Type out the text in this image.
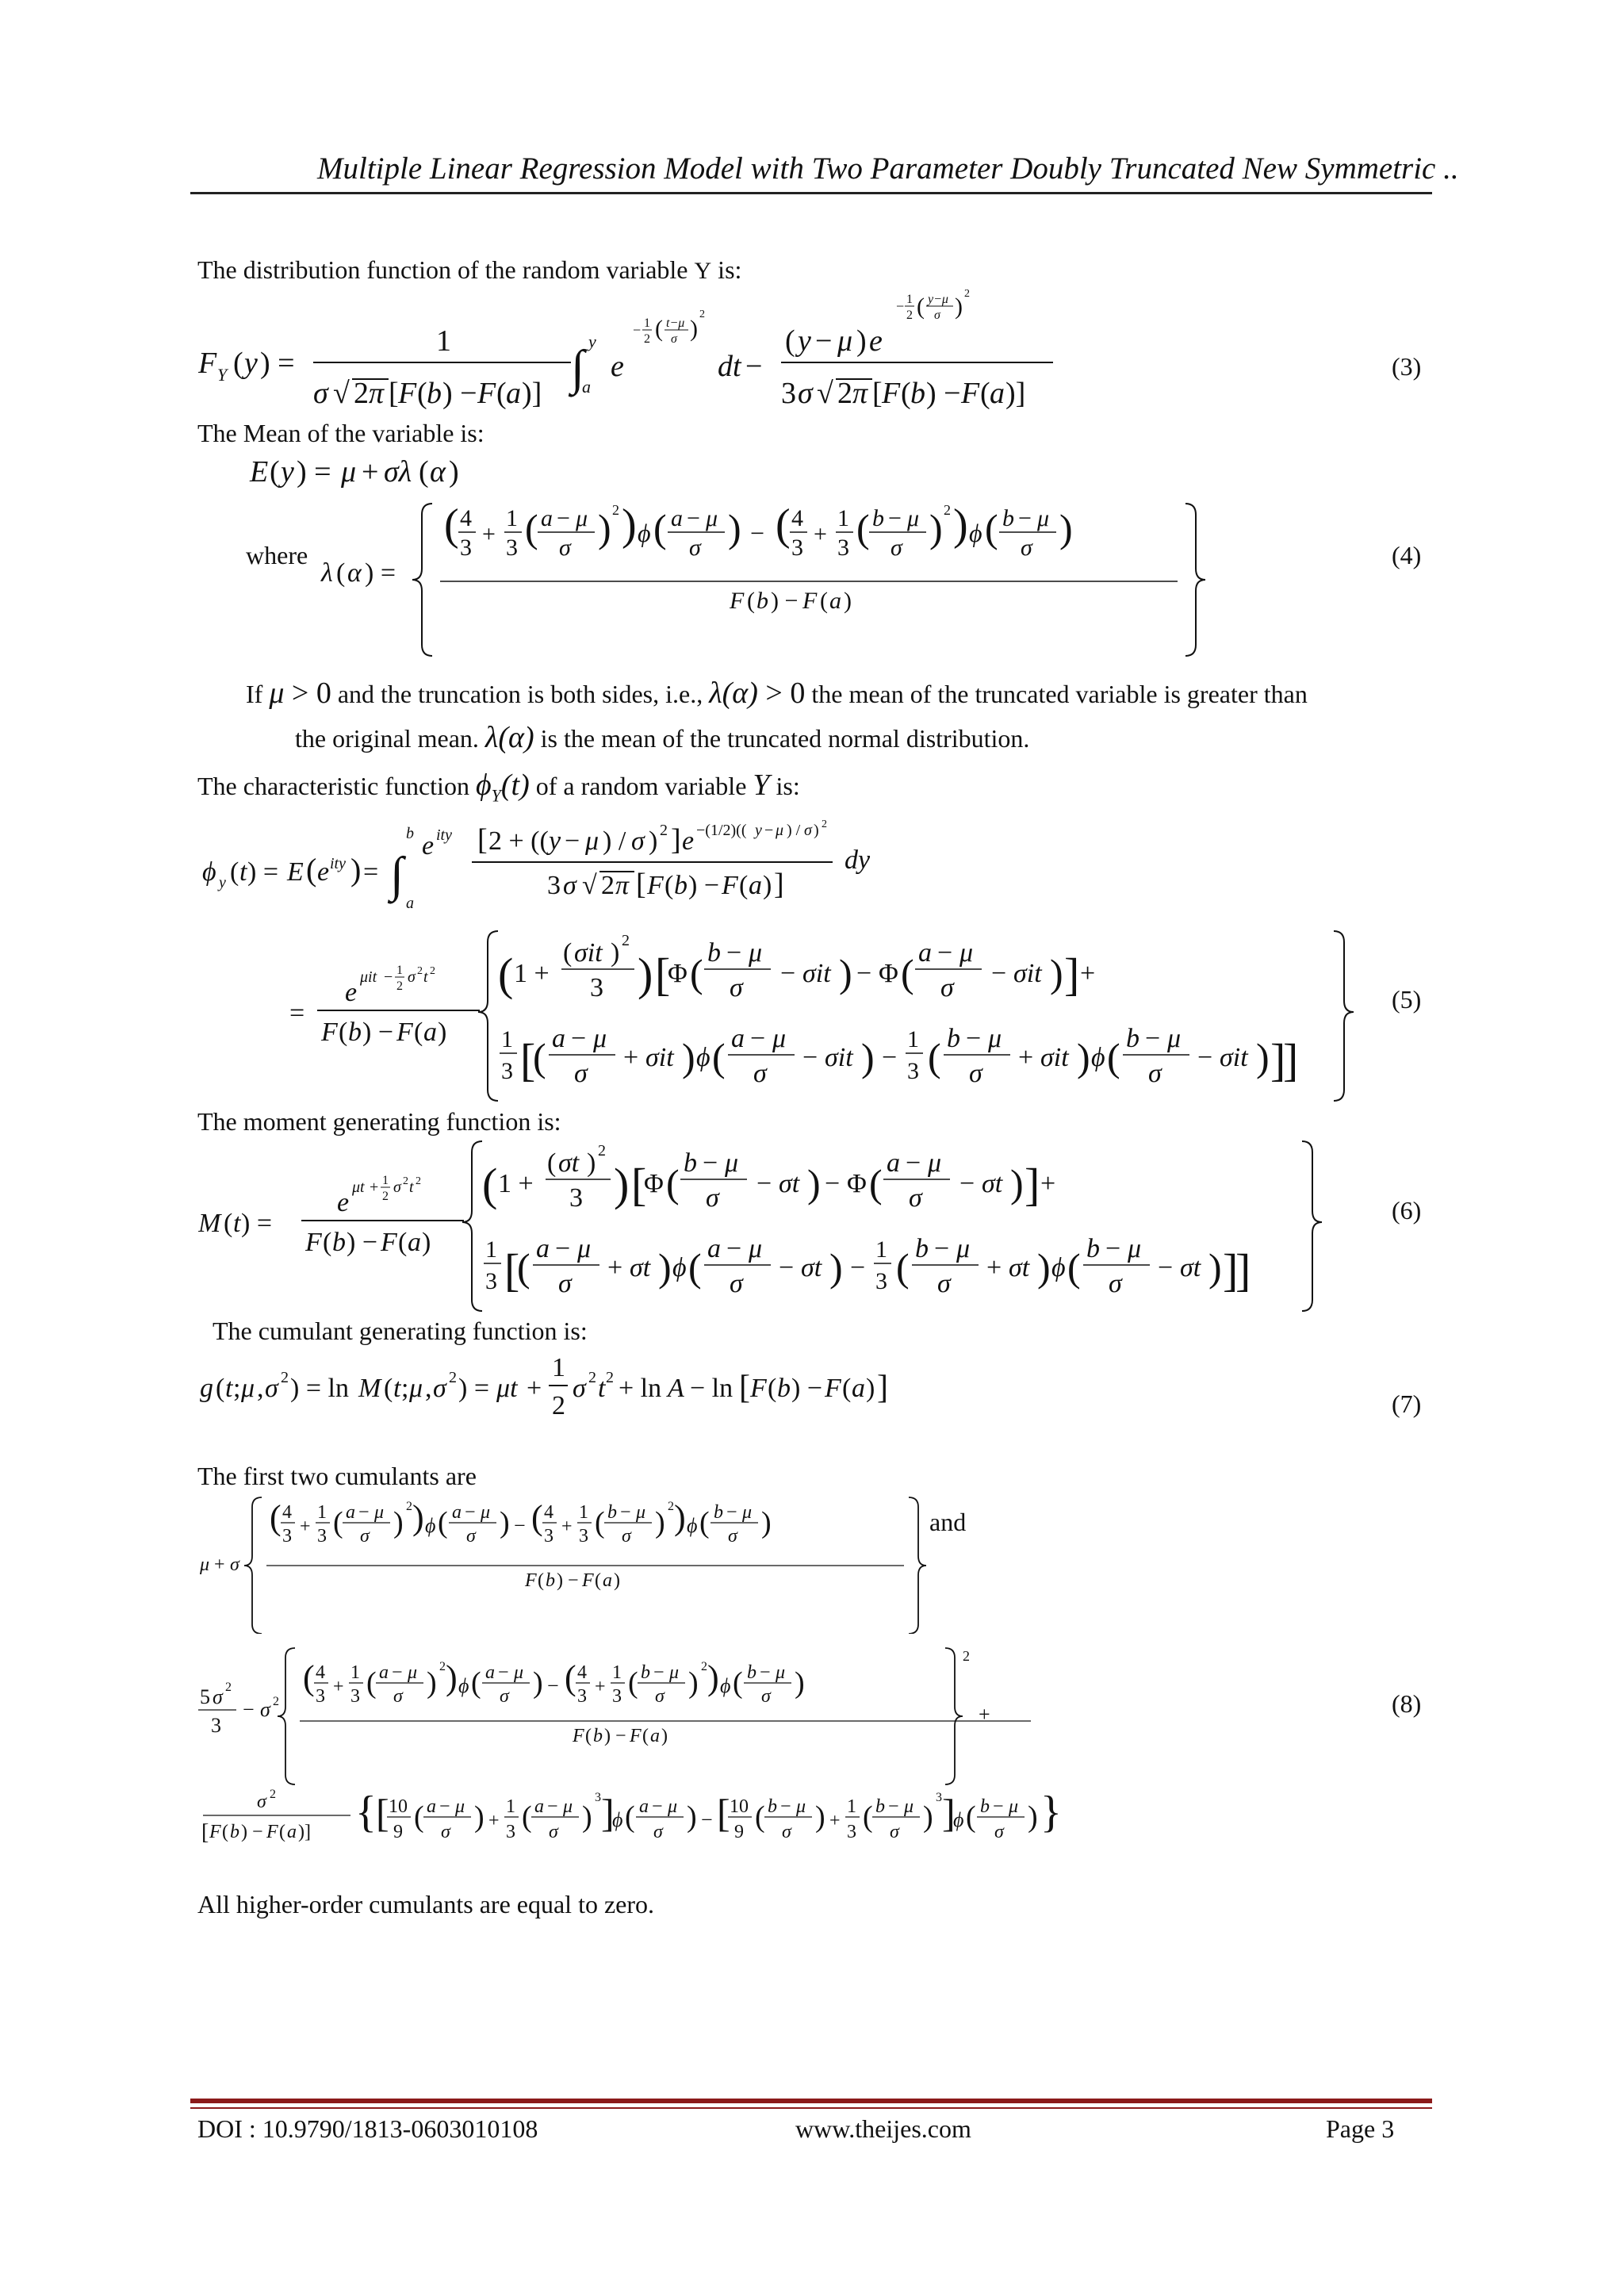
Multiple Linear Regression Model with Two Parameter Doubly Truncated New Symmetric ..
The distribution function of the random variable Y is:
F Y ( y ) =
1
σ √ 2 π [ F ( b ) − F ( a )] ∫ y
a
e
− 1
2 ( t−μ
σ )
2
dt −
( y − μ ) e
− 1
2 ( y−μ
σ ) 2
3 σ √ 2 π [ F ( b ) − F ( a )]
(3)
The Mean of the variable is:
E ( y ) = μ + σλ ( α )
where
λ ( α ) =
( 4
3
+
1
3 ( a − μ
σ ) 2 ) ϕ ( a − μ
σ ) − ( 4
3
+
1
3 ( b − μ
σ ) 2 ) ϕ ( b − μ
σ )
F ( b ) − F ( a )
(4)
If μ > 0 and the truncation is both sides, i.e., λ(α) > 0 the mean of the truncated variable is greater than
the original mean. λ(α) is the mean of the truncated normal distribution.
The characteristic function $\phi_Y(t)$ of a random variable Y is:
ϕ y ( t ) = E ( e ity ) = ∫
b
a
e ity [ 2 + (( y − μ ) / σ ) 2 ] e −(1/2)(( y − μ ) / σ ) 2
3 σ √ 2 π [ F ( b ) − F ( a ) ]
dy
=
e
μit − 1
2
σ 2 t 2
F ( b ) − F ( a )
( 1 +
( σit ) 2
3 ) [
Φ ( b − μ
σ − σit ) − Φ ( a − μ
σ − σit ) ] +
1
3 [
( a − μ
σ
+ σit ) ϕ ( a − μ
σ
− σit ) −
1
3 ( b − μ
σ
+ σit ) ϕ ( b − μ
σ
− σit ) ]
]
(5)
The moment generating function is:
M ( t ) =
e
μt + 1
2
σ 2 t 2
F ( b ) − F ( a )
( 1 +
( σt ) 2
3 ) [
Φ ( b − μ
σ − σt ) − Φ ( a − μ
σ − σt ) ] +
1
3 [
( a − μ
σ
+ σt ) ϕ ( a − μ
σ
− σt ) −
1
3 ( b − μ
σ
+ σt ) ϕ ( b − μ
σ
− σt ) ]
]
(6)
The cumulant generating function is:
g ( t ; μ , σ 2 ) = ln M ( t ; μ , σ 2 ) = μt +
1
2
σ 2 t 2 + ln A − ln [ F ( b ) − F ( a ) ]	(7)
The first two cumulants are
μ + σ
( 4
3 +
1
3 ( a − μ
σ ) 2 ) ϕ ( a − μ
σ ) − ( 4
3 +
1
3 ( b − μ
σ ) 2 ) ϕ ( b − μ
σ )
F ( b ) − F ( a )
and
5 σ 2
3
− σ 2
( 4
3 +
1
3 ( a − μ
σ ) 2 ) ϕ ( a − μ
σ ) − ( 4
3 +
1
3 ( b − μ
σ ) 2 ) ϕ ( b − μ
σ )
F ( b ) − F ( a )
2
+	(8)
σ 2
[ F ( b ) − F ( a )] { [ 10
9 ( a − μ
σ ) +
1
3 ( a − μ
σ )
3 ]
ϕ ( a − μ
σ ) − [ 10
9 ( b − μ
σ ) +
1
3 ( b − μ
σ )
3 ]
ϕ ( b − μ
σ ) }
All higher-order cumulants are equal to zero.
DOI : 10.9790/1813-0603010108	www.theijes.com	Page 3
